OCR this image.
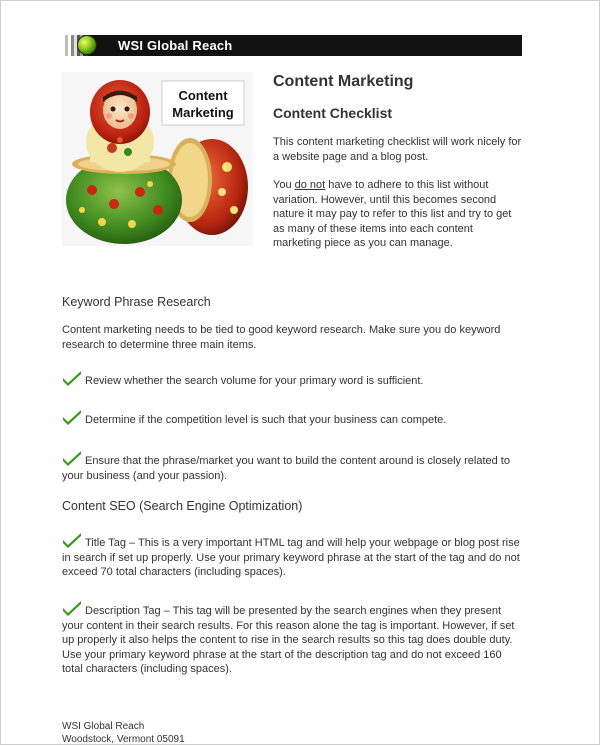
WSI Global Reach
Content
Marketing
Content Marketing
Content Checklist

This content marketing checklist will work nicely for a website page and a blog post.

You do not have to adhere to this list without variation. However, until this becomes second nature it may pay to refer to this list and try to get as many of these items into each content marketing piece as you can manage.

Keyword Phrase Research
Content marketing needs to be tied to good keyword research. Make sure you do keyword research to determine three main items.
Review whether the search volume for your primary word is sufficient.
Determine if the competition level is such that your business can compete.
Ensure that the phrase/market you want to build the content around is closely related to your business (and your passion).
Content SEO (Search Engine Optimization)
Title Tag – This is a very important HTML tag and will help your webpage or blog post rise in search if set up properly. Use your primary keyword phrase at the start of the tag and do not exceed 70 total characters (including spaces).
Description Tag – This tag will be presented by the search engines when they present your content in their search results. For this reason alone the tag is important. However, if set up properly it also helps the content to rise in the search results so this tag does double duty. Use your primary keyword phrase at the start of the description tag and do not exceed 160 total characters (including spaces).
WSI Global Reach
Woodstock, Vermont 05091
